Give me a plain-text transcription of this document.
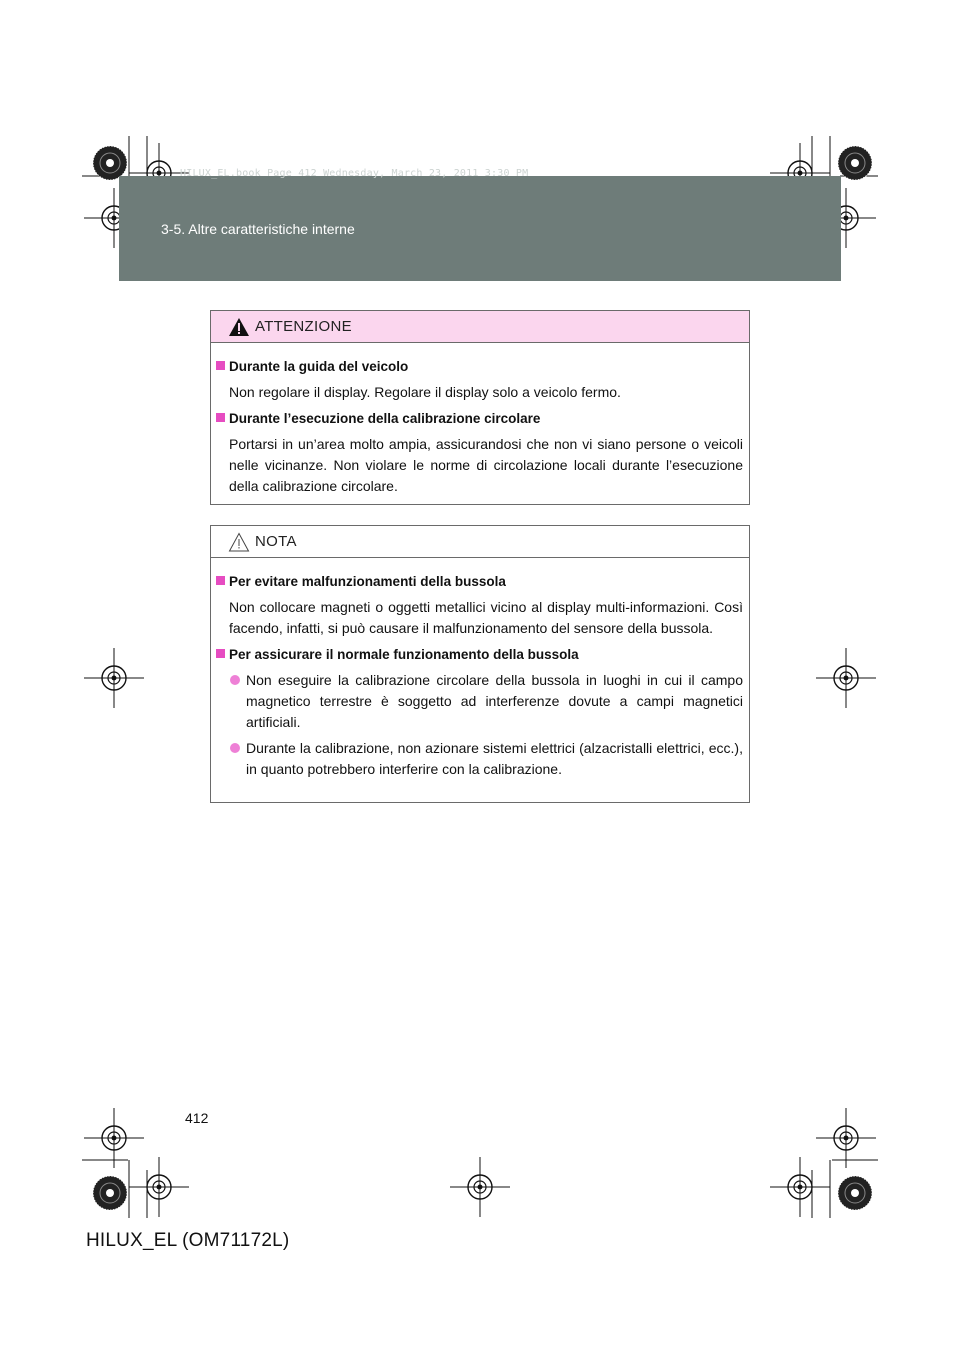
HILUX_EL.book Page 412 Wednesday, March 23, 2011 3:30 PM
3-5. Altre caratteristiche interne
ATTENZIONE
Durante la guida del veicolo
Non regolare il display. Regolare il display solo a veicolo fermo.
Durante l’esecuzione della calibrazione circolare
Portarsi in un’area molto ampia, assicurandosi che non vi siano persone o veicoli nelle vicinanze. Non violare le norme di circolazione locali durante l’esecuzione della calibrazione circolare.
NOTA
Per evitare malfunzionamenti della bussola
Non collocare magneti o oggetti metallici vicino al display multi-informazioni. Così facendo, infatti, si può causare il malfunzionamento del sensore della bussola.
Per assicurare il normale funzionamento della bussola
Non eseguire la calibrazione circolare della bussola in luoghi in cui il campo magnetico terrestre è soggetto ad interferenze dovute a campi magnetici artificiali.
Durante la calibrazione, non azionare sistemi elettrici (alzacristalli elettrici, ecc.), in quanto potrebbero interferire con la calibrazione.
412
HILUX_EL (OM71172L)
